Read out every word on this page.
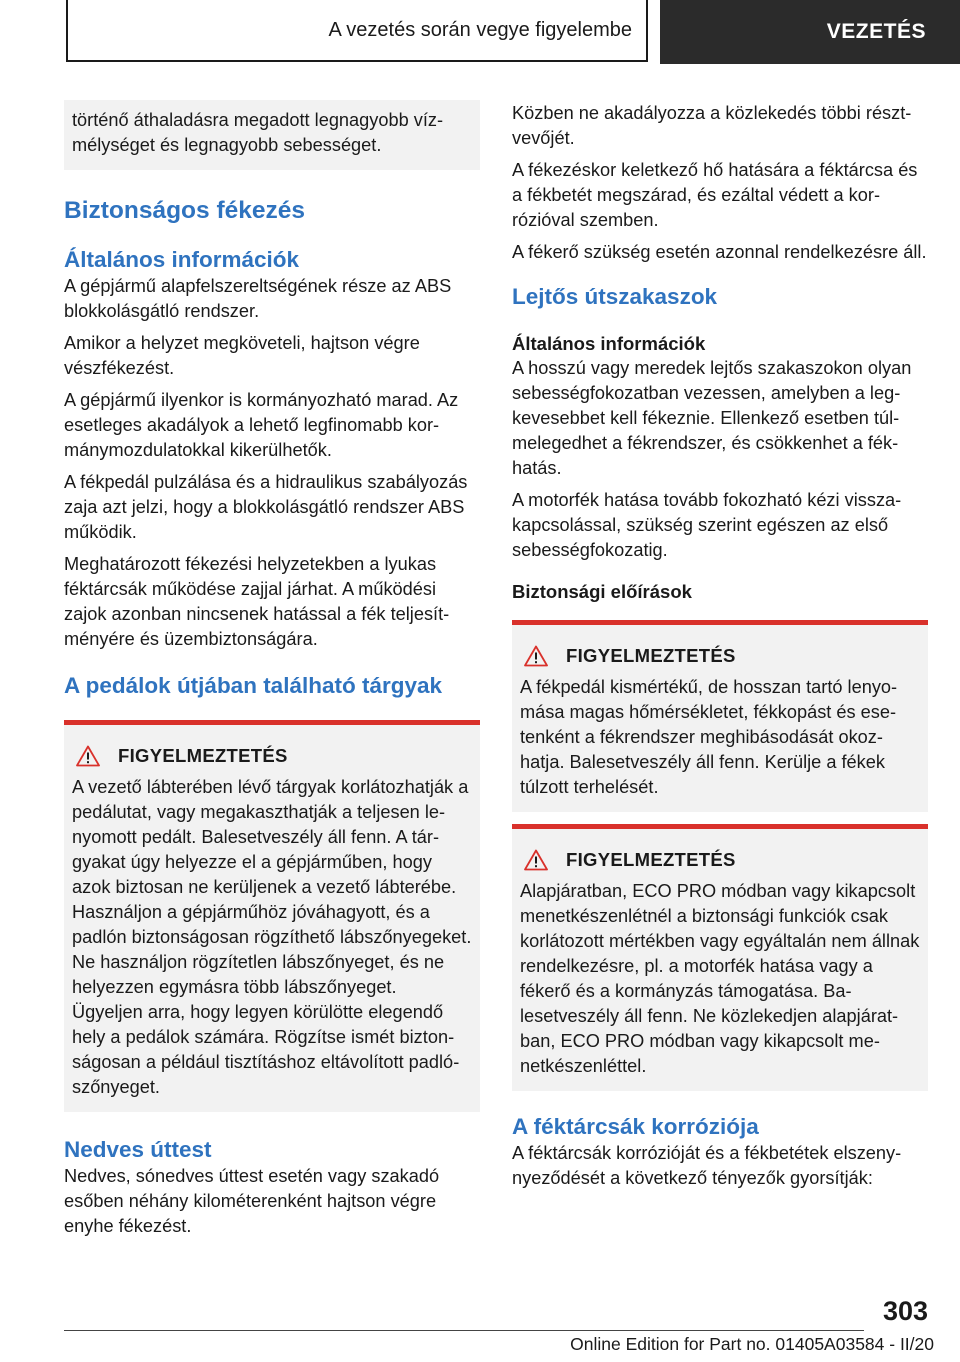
A vezetés során vegye figyelembe	VEZETÉS

történő áthaladásra megadott legnagyobb vízmélységet és legnagyobb sebességet.

Biztonságos fékezés
Általános információk

A gépjármű alapfelszereltségének része az ABS blokkolásgátló rendszer.

Amikor a helyzet megköveteli, hajtson végre vészfékezést.

A gépjármű ilyenkor is kormányozható marad. Az esetleges akadályok a lehető legfinomabb kormánymozdulatokkal kikerülhetők.

A fékpedál pulzálása és a hidraulikus szabályozás zaja azt jelzi, hogy a blokkolásgátló rendszer ABS működik.

Meghatározott fékezési helyzetekben a lyukas féktárcsák működése zajjal járhat. A működési zajok azonban nincsenek hatással a fék teljesítményére és üzembiztonságára.

A pedálok útjában található tárgyak
FIGYELMEZTETÉS

A vezető lábterében lévő tárgyak korlátozhatják a pedálutat, vagy megakaszthatják a teljesen lenyomott pedált. Balesetveszély áll fenn. A tárgyakat úgy helyezze el a gépjárműben, hogy azok biztosan ne kerüljenek a vezető lábterébe. Használjon a gépjárműhöz jóváhagyott, és a padlón biztonságosan rögzíthető lábszőnyegeket. Ne használjon rögzítetlen lábszőnyeget, és ne helyezzen egymásra több lábszőnyeget. Ügyeljen arra, hogy legyen körülötte elegendő hely a pedálok számára. Rögzítse ismét biztonságosan a például tisztításhoz eltávolított padlószőnyeget.

Nedves úttest

Nedves, sónedves úttest esetén vagy szakadó esőben néhány kilométerenként hajtson végre enyhe fékezést.

Közben ne akadályozza a közlekedés többi résztvevőjét.

A fékezéskor keletkező hő hatására a féktárcsa és a fékbetét megszárad, és ezáltal védett a korrózióval szemben.

A fékerő szükség esetén azonnal rendelkezésre áll.

Lejtős útszakaszok
Általános információk

A hosszú vagy meredek lejtős szakaszokon olyan sebességfokozatban vezessen, amelyben a legkevesebbet kell fékeznie. Ellenkező esetben túlmelegedhet a fékrendszer, és csökkenhet a fékhatás.

A motorfék hatása tovább fokozható kézi visszakapcsolással, szükség szerint egészen az első sebességfokozatig.

Biztonsági előírások
FIGYELMEZTETÉS

A fékpedál kismértékű, de hosszan tartó lenyomása magas hőmérsékletet, fékkopást és esetenként a fékrendszer meghibásodását okozhatja. Balesetveszély áll fenn. Kerülje a fékek túlzott terhelését.

FIGYELMEZTETÉS

Alapjáratban, ECO PRO módban vagy kikapcsolt menetkészenlétnél a biztonsági funkciók csak korlátozott mértékben vagy egyáltalán nem állnak rendelkezésre, pl. a motorfék hatása vagy a fékerő és a kormányzás támogatása. Balesetveszély áll fenn. Ne közlekedjen alapjáratban, ECO PRO módban vagy kikapcsolt menetkészenléttel.

A féktárcsák korróziója

A féktárcsák korrózióját és a fékbetétek elszenynyeződését a következő tényezők gyorsítják:

303
Online Edition for Part no. 01405A03584 - II/20
